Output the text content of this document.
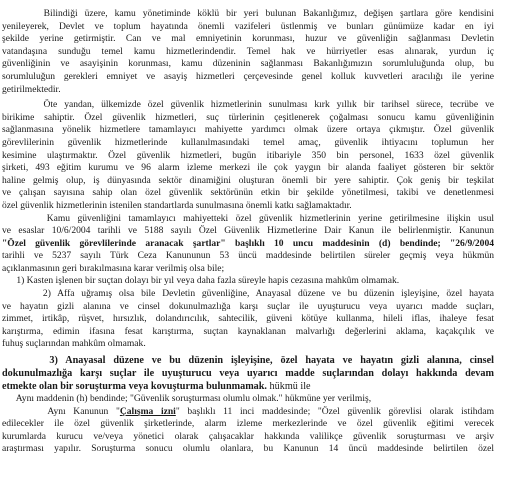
Bilindiği üzere, kamu yönetiminde köklü bir yeri bulunan Bakanlığımız, değişen şartlara göre kendisini
yenileyerek, Devlet ve toplum hayatında önemli vazifeleri üstlenmiş ve bunları günümüze kadar en iyi
şekilde yerine getirmiştir. Can ve mal emniyetinin korunması, huzur ve güvenliğin sağlanması Devletin
vatandaşına sunduğu temel kamu hizmetlerindendir. Temel hak ve hürriyetler esas alınarak, yurdun iç
güvenliğinin ve asayişinin korunması, kamu düzeninin sağlanması Bakanlığımızın sorumluluğunda olup, bu
sorumluluğun gerekleri emniyet ve asayiş hizmetleri çerçevesinde genel kolluk kuvvetleri aracılığı ile yerine
getirilmektedir.

Öte yandan, ülkemizde özel güvenlik hizmetlerinin sunulması kırk yıllık bir tarihsel sürece, tecrübe ve
birikime sahiptir. Özel güvenlik hizmetleri, suç türlerinin çeşitlenerek çoğalması sonucu kamu güvenliğinin
sağlanmasına yönelik hizmetlere tamamlayıcı mahiyette yardımcı olmak üzere ortaya çıkmıştır. Özel güvenlik
görevlilerinin güvenlik hizmetlerinde kullanılmasındaki temel amaç, güvenlik ihtiyacını toplumun her
kesimine ulaştırmaktır. Özel güvenlik hizmetleri, bugün itibariyle 350 bin personel, 1633 özel güvenlik
şirketi, 493 eğitim kurumu ve 96 alarm izleme merkezi ile çok yaygın bir alanda faaliyet gösteren bir sektör
haline gelmiş olup, iş dünyasında sektör dinamiğini oluşturan önemli bir yere sahiptir. Çok geniş bir teşkilat
ve çalışan sayısına sahip olan özel güvenlik sektörünün etkin bir şekilde yönetilmesi, takibi ve denetlenmesi
özel güvenlik hizmetlerinin istenilen standartlarda sunulmasına önemli katkı sağlamaktadır.

Kamu güvenliğini tamamlayıcı mahiyetteki özel güvenlik hizmetlerinin yerine getirilmesine ilişkin usul
ve esaslar 10/6/2004 tarihli ve 5188 sayılı Özel Güvenlik Hizmetlerine Dair Kanun ile belirlenmiştir. Kanunun
"Özel güvenlik görevlilerinde aranacak şartlar" başlıklı 10 uncu maddesinin (d) bendinde; "26/9/2004
tarihli ve 5237 sayılı Türk Ceza Kanununun 53 üncü maddesinde belirtilen süreler geçmiş veya hükmün
açıklanmasının geri bırakılmasına karar verilmiş olsa bile;

1) Kasten işlenen bir suçtan dolayı bir yıl veya daha fazla süreyle hapis cezasına mahkûm olmamak.

2) Affa uğramış olsa bile Devletin güvenliğine, Anayasal düzene ve bu düzenin işleyişine, özel hayata
ve hayatın gizli alanına ve cinsel dokunulmazlığa karşı suçlar ile uyuşturucu veya uyarıcı madde suçları,
zimmet, irtikâp, rüşvet, hırsızlık, dolandırıcılık, sahtecilik, güveni kötüye kullanma, hileli iflas, ihaleye fesat
karıştırma, edimin ifasına fesat karıştırma, suçtan kaynaklanan malvarlığı değerlerini aklama, kaçakçılık ve
fuhuş suçlarından mahkûm olmamak.

3) Anayasal düzene ve bu düzenin işleyişine, özel hayata ve hayatın gizli alanına, cinsel
dokunulmazlığa karşı suçlar ile uyuşturucu veya uyarıcı madde suçlarından dolayı hakkında devam
etmekte olan bir soruşturma veya kovuşturma bulunmamak. hükmü ile

Aynı maddenin (h) bendinde; "Güvenlik soruşturması olumlu olmak." hükmüne yer verilmiş,

Aynı Kanunun "Çalışma izni" başlıklı 11 inci maddesinde; "Özel güvenlik görevlisi olarak istihdam
edilecekler ile özel güvenlik şirketlerinde, alarm izleme merkezlerinde ve özel güvenlik eğitimi verecek
kurumlarda kurucu ve/veya yönetici olarak çalışacaklar hakkında valilikçe güvenlik soruşturması ve arşiv
araştırması yapılır. Soruşturma sonucu olumlu olanlara, bu Kanunun 14 üncü maddesinde belirtilen özel
